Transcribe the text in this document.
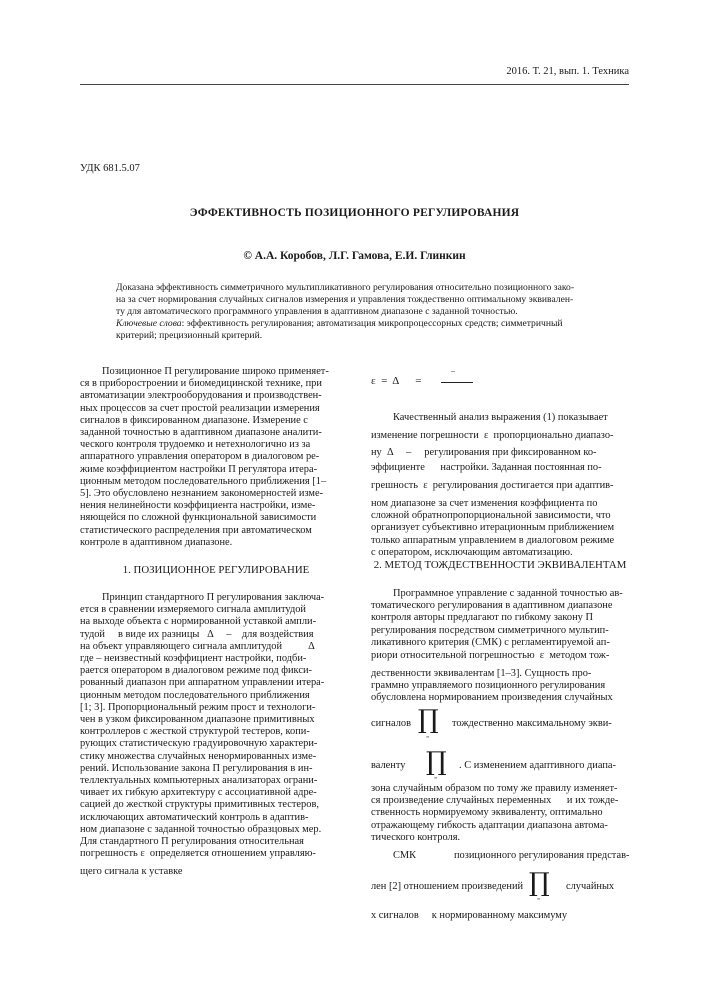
2016. Т. 21, вып. 1. Техника
УДК 681.5.07
ЭФФЕКТИВНОСТЬ ПОЗИЦИОННОГО РЕГУЛИРОВАНИЯ
© А.А. Коробов, Л.Г. Гамова, Е.И. Глинкин

Доказана эффективность симметричного мультипликативного регулирования относительно позиционного зако-

на за счет нормирования случайных сигналов измерения и управления тождественно оптимальному эквивален-

ту для автоматического программного управления в адаптивном диапазоне с заданной точностью.

Ключевые слова: эффективность регулирования; автоматизация микропроцессорных средств; симметричный

критерий; прецизионный критерий.

Позиционное П регулирование широко применяет-

ся в приборостроении и биомедицинской технике, при

автоматизации электрооборудования и производствен-

ных процессов за счет простой реализации измерения

сигналов в фиксированном диапазоне. Измерение с

заданной точностью в адаптивном диапазоне аналити-

ческого контроля трудоемко и нетехнологично из за

аппаратного управления оператором в диалоговом ре-

жиме коэффициентом настройки П регулятора итера-

ционным методом последовательного приближения [1–

5]. Это обусловлено незнанием закономерностей изме-

нения нелинейности коэффициента настройки, изме-

няющейся по сложной функциональной зависимости

статистического распределения при автоматическом

контроле в адаптивном диапазоне.

1. ПОЗИЦИОННОЕ РЕГУЛИРОВАНИЕ

Принцип стандартного П регулирования заключа-

ется в сравнении измеряемого сигнала амплитудой

на выходе объекта с нормированной уставкой ампли-

тудой     в виде их разницы Δ –    для воздействия

на объект управляющего сигнала амплитудой Δ

где – неизвестный коэффициент настройки, подби-

рается оператором в диалоговом режиме под фикси-

рованный диапазон при аппаратном управлении итера-

ционным методом последовательного приближения

[1; 3]. Пропорциональный режим прост и технологи-

чен в узком фиксированном диапазоне примитивных

контроллеров с жесткой структурой тестеров, копи-

рующих статистическую градуировочную характери-

стику множества случайных ненормированных изме-

рений. Использование закона П регулирования в ин-

теллектуальных компьютерных анализаторах ограни-

чивает их гибкую архитектуру с ассоциативной адре-

сацией до жесткой структуры примитивных тестеров,

исключающих автоматический контроль в адаптив-

ном диапазоне с заданной точностью образцовых мер.

Для стандартного П регулирования относительная

погрешность ε определяется отношением управляю-

щего сигнала к уставке
ε = Δ =
–

Качественный анализ выражения (1) показывает

изменение погрешности ε пропорционально диапазо-
ну Δ –     регулирования при фиксированном ко-
эффициенте      настройки. Заданная постоянная по-
грешность ε регулирования достигается при адаптив-

ном диапазоне за счет изменения коэффициента по

сложной обратнопропорциональной зависимости, что

организует субъективно итерационным приближением

только аппаратным управлением в диалоговом режиме

с оператором, исключающим автоматизацию.

2. МЕТОД ТОЖДЕСТВЕННОСТИ ЭКВИВАЛЕНТАМ

Программное управление с заданной точностью ав-

томатического регулирования в адаптивном диапазоне

контроля авторы предлагают по гибкому закону П

регулирования посредством симметричного мультип-

ликативного критерия (СМК) с регламентируемой ап-

риори относительной погрешностью ε методом тож-

дественности эквивалентам [1–3]. Сущность про-

граммно управляемого позиционного регулирования

обусловлена нормированием произведения случайных

сигналов ∏
=
тождественно максимальному экви-
валенту ∏
=
. С изменением адаптивного диапа-

зона случайным образом по тому же правилу изменяет-

ся произведение случайных переменных      и их тожде-

ственность нормируемому эквиваленту, оптимально

отражающему гибкость адаптации диапазона автома-

тического контроля.

СМК	позиционного регулирования представ-
лен [2] отношением произведений ∏
=
случайных
х сигналов     к нормированному максимуму
